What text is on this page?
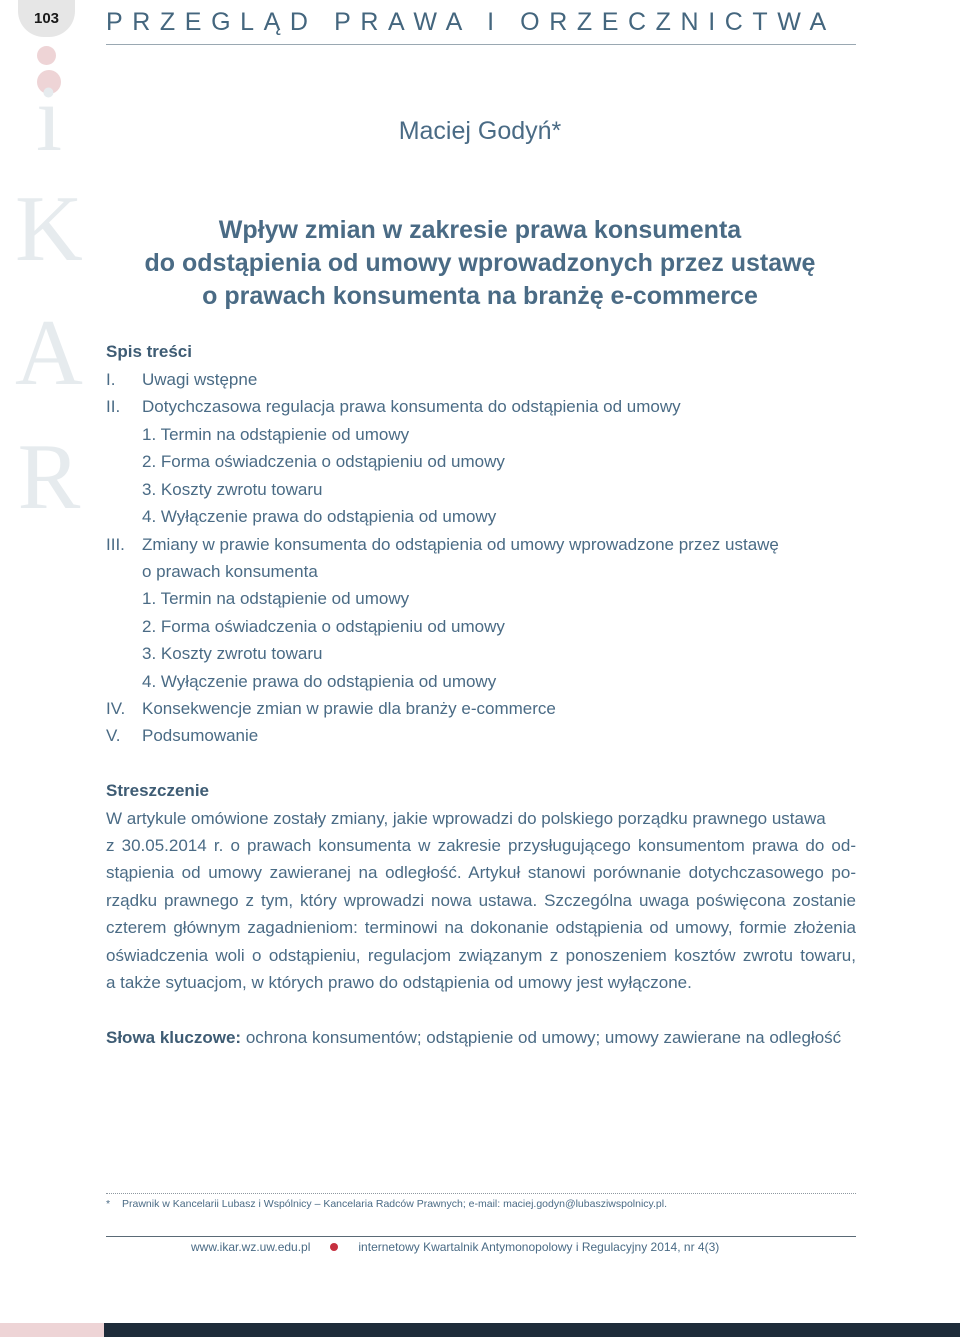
103
i
K
A
R
PRZEGLĄD PRAWA I ORZECZNICTWA
Maciej Godyń*
Wpływ zmian w zakresie prawa konsumenta
do odstąpienia od umowy wprowadzonych przez ustawę
o prawach konsumenta na branżę e-commerce
Spis treści
I. Uwagi wstępne
II. Dotychczasowa regulacja prawa konsumenta do odstąpienia od umowy
1. Termin na odstąpienie od umowy
2. Forma oświadczenia o odstąpieniu od umowy
3. Koszty zwrotu towaru
4. Wyłączenie prawa do odstąpienia od umowy
III. Zmiany w prawie konsumenta do odstąpienia od umowy wprowadzone przez ustawę
o prawach konsumenta
1. Termin na odstąpienie od umowy
2. Forma oświadczenia o odstąpieniu od umowy
3. Koszty zwrotu towaru
4. Wyłączenie prawa do odstąpienia od umowy
IV. Konsekwencje zmian w prawie dla branży e-commerce
V. Podsumowanie
Streszczenie
W artykule omówione zostały zmiany, jakie wprowadzi do polskiego porządku prawnego ustawa
z 30.05.2014 r. o prawach konsumenta w zakresie przysługującego konsumentom prawa do od-
stąpienia od umowy zawieranej na odległość. Artykuł stanowi porównanie dotychczasowego po-
rządku prawnego z tym, który wprowadzi nowa ustawa. Szczególna uwaga poświęcona zostanie
czterem głównym zagadnieniom: terminowi na dokonanie odstąpienia od umowy, formie złożenia
oświadczenia woli o odstąpieniu, regulacjom związanym z ponoszeniem kosztów zwrotu towaru,
a także sytuacjom, w których prawo do odstąpienia od umowy jest wyłączone.
Słowa kluczowe: ochrona konsumentów; odstąpienie od umowy; umowy zawierane na odległość
* Prawnik w Kancelarii Lubasz i Wspólnicy – Kancelaria Radców Prawnych; e-mail: maciej.godyn@lubasziwspolnicy.pl.
www.ikar.wz.uw.edu.pl	internetowy Kwartalnik Antymonopolowy i Regulacyjny 2014, nr 4(3)
